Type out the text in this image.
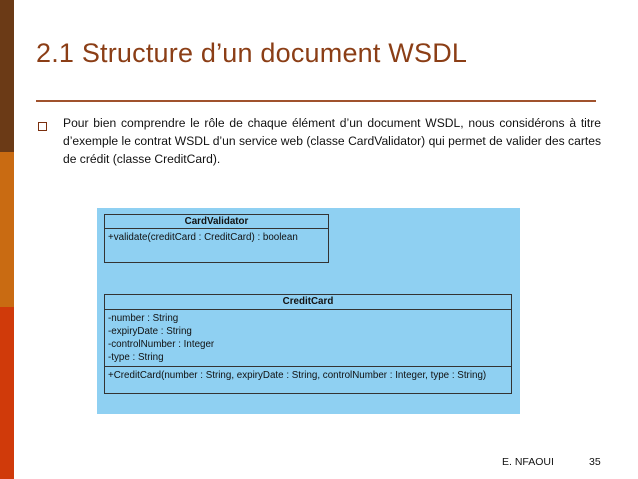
2.1 Structure d’un document WSDL
Pour bien comprendre le rôle de chaque élément d’un document WSDL, nous considérons à titre d’exemple le contrat WSDL d’un service web (classe CardValidator) qui permet de valider des cartes de crédit (classe CreditCard).
CardValidator
+validate(creditCard : CreditCard) : boolean
CreditCard
-number : String
-expiryDate : String
-controlNumber : Integer
-type : String
+CreditCard(number : String, expiryDate : String, controlNumber : Integer, type : String)
E. NFAOUI	35
